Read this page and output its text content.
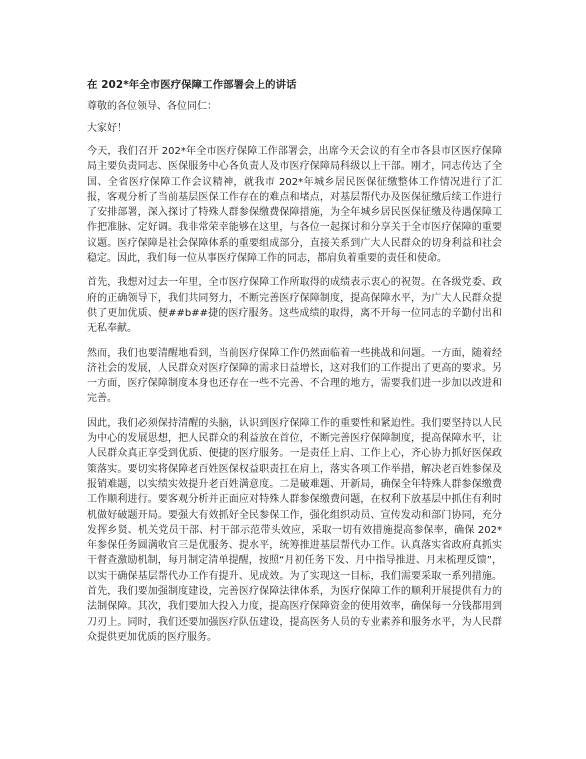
在 202*年全市医疗保障工作部署会上的讲话
尊敬的各位领导、各位同仁：
大家好！

今天，我们召开 202*年全市医疗保障工作部署会，出席今天会议的有全市各县市区医疗保障局主要负责同志、医保服务中心各负责人及市医疗保障局科级以上干部。刚才，同志传达了全国、全省医疗保障工作会议精神，就我市 202*年城乡居民医保征缴整体工作情况进行了汇报，客观分析了当前基层医保工作存在的难点和堵点，对基层帮代办及医保征缴后续工作进行了安排部署，深入探讨了特殊人群参保缴费保障措施，为全年城乡居民医保征缴及待遇保障工作把准脉、定好调。我非常荣幸能够在这里，与各位一起探讨和分享关于全市医疗保障的重要议题。医疗保障是社会保障体系的重要组成部分，直接关系到广大人民群众的切身利益和社会稳定。因此，我们每一位从事医疗保障工作的同志，都肩负着重要的责任和使命。

首先，我想对过去一年里，全市医疗保障工作所取得的成绩表示衷心的祝贺。在各级党委、政府的正确领导下，我们共同努力，不断完善医疗保障制度，提高保障水平，为广大人民群众提供了更加优质、便##b##捷的医疗服务。这些成绩的取得，离不开每一位同志的辛勤付出和无私奉献。

然而，我们也要清醒地看到，当前医疗保障工作仍然面临着一些挑战和问题。一方面，随着经济社会的发展，人民群众对医疗保障的需求日益增长，这对我们的工作提出了更高的要求。另一方面，医疗保障制度本身也还存在一些不完善、不合理的地方，需要我们进一步加以改进和完善。

因此，我们必须保持清醒的头脑，认识到医疗保障工作的重要性和紧迫性。我们要坚持以人民为中心的发展思想，把人民群众的利益放在首位，不断完善医疗保障制度，提高保障水平，让人民群众真正享受到优质、便捷的医疗服务。一是责任上肩、工作上心，齐心协力抓好医保政策落实。要切实将保障老百姓医保权益职责扛在肩上，落实各项工作举措，解决老百姓参保及报销难题，以实绩实效提升老百姓满意度。二是破难题、开新局，确保全年特殊人群参保缴费工作顺利进行。要客观分析并正面应对特殊人群参保缴费问题，在权利下放基层中抓住有利时机做好破题开局。要强大有效抓好全民参保工作，强化组织动员、宣传发动和部门协同，充分发挥乡贤、机关党员干部、村干部示范带头效应，采取一切有效措施提高参保率，确保 202*年参保任务圆满收官三是优服务、提水平，统筹推进基层帮代办工作。认真落实省政府真抓实干督查激励机制，每月制定清单提醒，按照“月初任务下发、月中指导推进、月末梳理反馈”，以实干确保基层帮代办工作有提升、见成效。为了实现这一目标，我们需要采取一系列措施。首先，我们要加强制度建设，完善医疗保障法律体系，为医疗保障工作的顺利开展提供有力的法制保障。其次，我们要加大投入力度，提高医疗保障资金的使用效率，确保每一分钱都用到刀刃上。同时，我们还要加强医疗队伍建设，提高医务人员的专业素养和服务水平，为人民群众提供更加优质的医疗服务。
